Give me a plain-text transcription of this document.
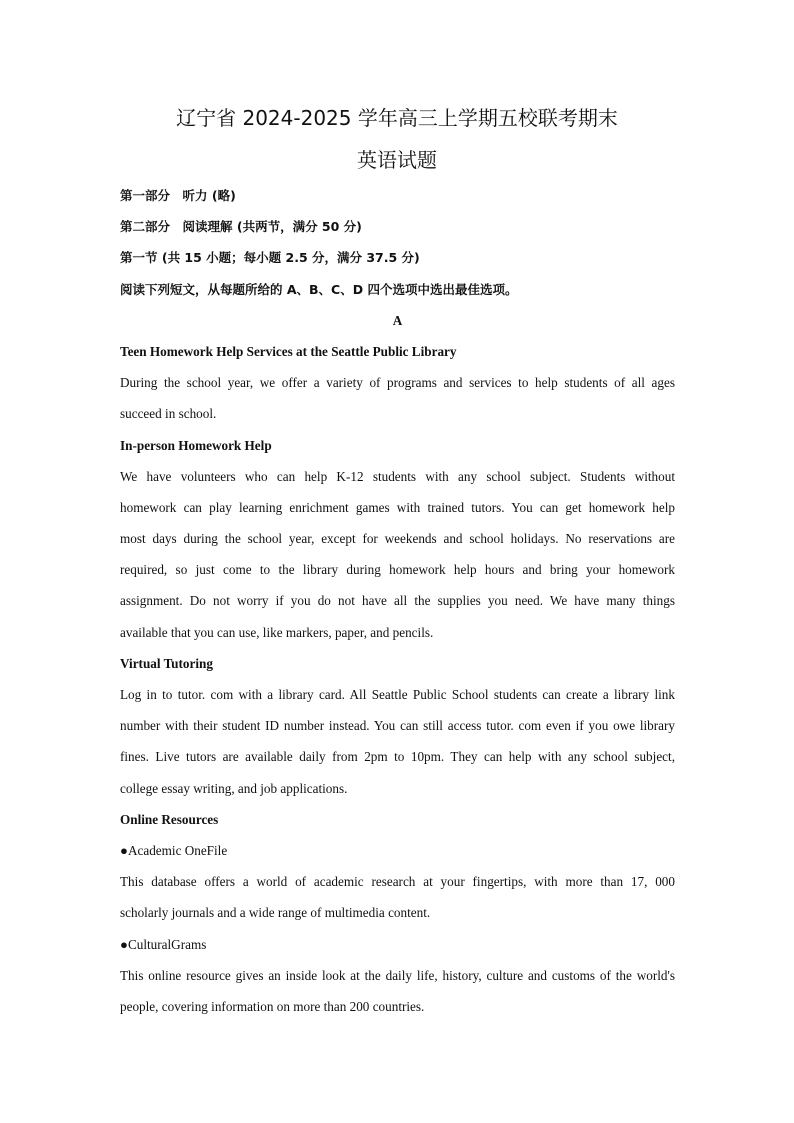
辽宁省 2024-2025 学年高三上学期五校联考期末
英语试题
第一部分　听力 (略)
第二部分　阅读理解 (共两节，满分 50 分)
第一节 (共 15 小题；每小题 2.5 分，满分 37.5 分)
阅读下列短文，从每题所给的 A、B、C、D 四个选项中选出最佳选项。
A
Teen Homework Help Services at the Seattle Public Library
During the school year, we offer a variety of programs and services to help students of all ages
succeed in school.
In-person Homework Help
We have volunteers who can help K-12 students with any school subject. Students without
homework can play learning enrichment games with trained tutors. You can get homework help
most days during the school year, except for weekends and school holidays. No reservations are
required, so just come to the library during homework help hours and bring your homework
assignment. Do not worry if you do not have all the supplies you need. We have many things
available that you can use, like markers, paper, and pencils.
Virtual Tutoring
Log in to tutor. com with a library card. All Seattle Public School students can create a library link
number with their student ID number instead. You can still access tutor. com even if you owe library
fines. Live tutors are available daily from 2pm to 10pm. They can help with any school subject,
college essay writing, and job applications.
Online Resources
●Academic OneFile
This database offers a world of academic research at your fingertips, with more than 17, 000
scholarly journals and a wide range of multimedia content.
●CulturalGrams
This online resource gives an inside look at the daily life, history, culture and customs of the world's
people, covering information on more than 200 countries.
